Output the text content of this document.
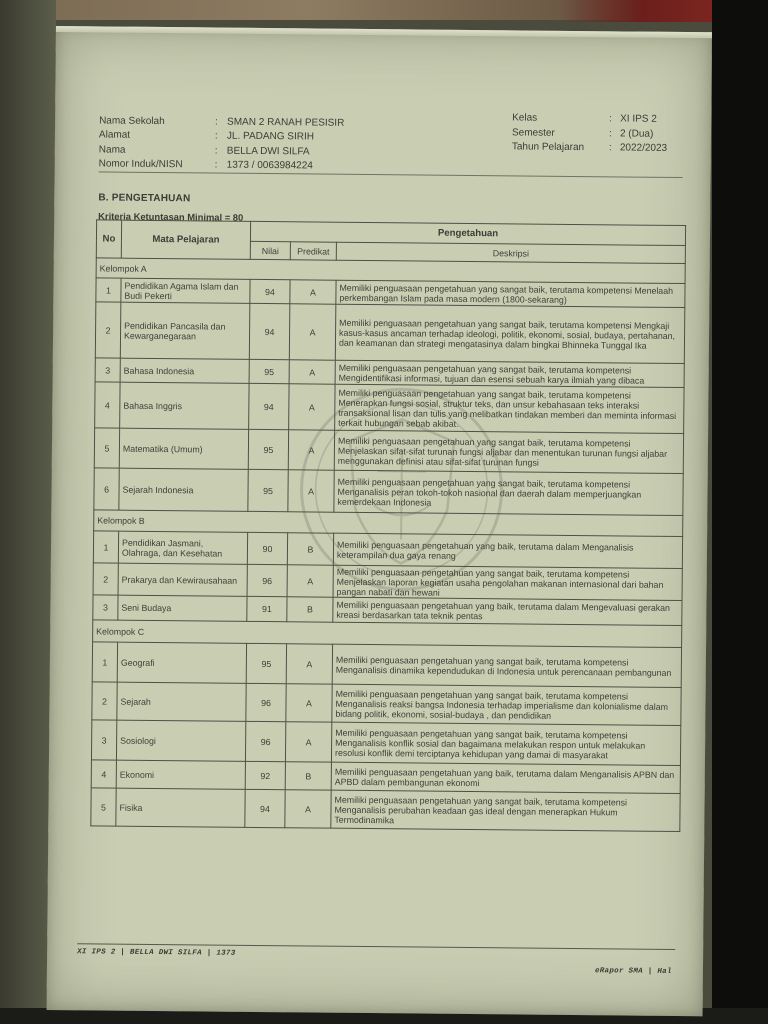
Nama Sekolah	: SMAN 2 RANAH PESISIR
Alamat	: JL. PADANG SIRIH
Nama	: BELLA DWI SILFA
Nomor Induk/NISN	: 1373 / 0063984224
Kelas	: XI IPS 2
Semester	: 2 (Dua)
Tahun Pelajaran : 2022/2023
B. PENGETAHUAN
Kriteria Ketuntasan Minimal = 80
No	Mata Pelajaran	Pengetahuan		
		Nilai	Predikat	Deskripsi
Kelompok A				
1	Pendidikan Agama Islam dan Budi Pekerti	94	A	Memiliki penguasaan pengetahuan yang sangat baik, terutama kompetensi Menelaah perkembangan Islam pada masa modern (1800-sekarang)
2	Pendidikan Pancasila dan Kewarganegaraan	94	A	Memiliki penguasaan pengetahuan yang sangat baik, terutama kompetensi Mengkaji kasus-kasus ancaman terhadap ideologi, politik, ekonomi, sosial, budaya, pertahanan, dan keamanan dan strategi mengatasinya dalam bingkai Bhinneka Tunggal Ika
3	Bahasa Indonesia	95	A	Memiliki penguasaan pengetahuan yang sangat baik, terutama kompetensi Mengidentifikasi informasi, tujuan dan esensi sebuah karya ilmiah yang dibaca
4	Bahasa Inggris	94	A	Memiliki penguasaan pengetahuan yang sangat baik, terutama kompetensi Menerapkan fungsi sosial, struktur teks, dan unsur kebahasaan teks interaksi transaksional lisan dan tulis yang melibatkan tindakan memberi dan meminta informasi terkait hubungan sebab akibat.
5	Matematika (Umum)	95	A	Memiliki penguasaan pengetahuan yang sangat baik, terutama kompetensi Menjelaskan sifat-sifat turunan fungsi aljabar dan menentukan turunan fungsi aljabar menggunakan definisi atau sifat-sifat turunan fungsi
6	Sejarah Indonesia	95	A	Memiliki penguasaan pengetahuan yang sangat baik, terutama kompetensi Menganalisis peran tokoh-tokoh nasional dan daerah dalam memperjuangkan kemerdekaan Indonesia
Kelompok B				
1	Pendidikan Jasmani, Olahraga, dan Kesehatan	90	B	Memiliki penguasaan pengetahuan yang baik, terutama dalam Menganalisis keterampilan dua gaya renang
2	Prakarya dan Kewirausahaan	96	A	Memiliki penguasaan pengetahuan yang sangat baik, terutama kompetensi Menjelaskan laporan kegiatan usaha pengolahan makanan internasional dari bahan pangan nabati dan hewani
3	Seni Budaya	91	B	Memiliki penguasaan pengetahuan yang baik, terutama dalam Mengevaluasi gerakan kreasi berdasarkan tata teknik pentas
Kelompok C				
1	Geografi	95	A	Memiliki penguasaan pengetahuan yang sangat baik, terutama kompetensi Menganalisis dinamika kependudukan di Indonesia untuk perencanaan pembangunan
2	Sejarah	96	A	Memiliki penguasaan pengetahuan yang sangat baik, terutama kompetensi Menganalisis reaksi bangsa Indonesia terhadap imperialisme dan kolonialisme dalam bidang politik, ekonomi, sosial-budaya , dan pendidikan
3	Sosiologi	96	A	Memiliki penguasaan pengetahuan yang sangat baik, terutama kompetensi Menganalisis konflik sosial dan bagaimana melakukan respon untuk melakukan resolusi konflik demi terciptanya kehidupan yang damai di masyarakat
4	Ekonomi	92	B	Memiliki penguasaan pengetahuan yang baik, terutama dalam Menganalisis APBN dan APBD dalam pembangunan ekonomi
5	Fisika	94	A	Memiliki penguasaan pengetahuan yang sangat baik, terutama kompetensi Menganalisis perubahan keadaan gas ideal dengan menerapkan Hukum Termodinamika
XI IPS 2 | BELLA DWI SILFA | 1373
eRapor SMA | Hal
